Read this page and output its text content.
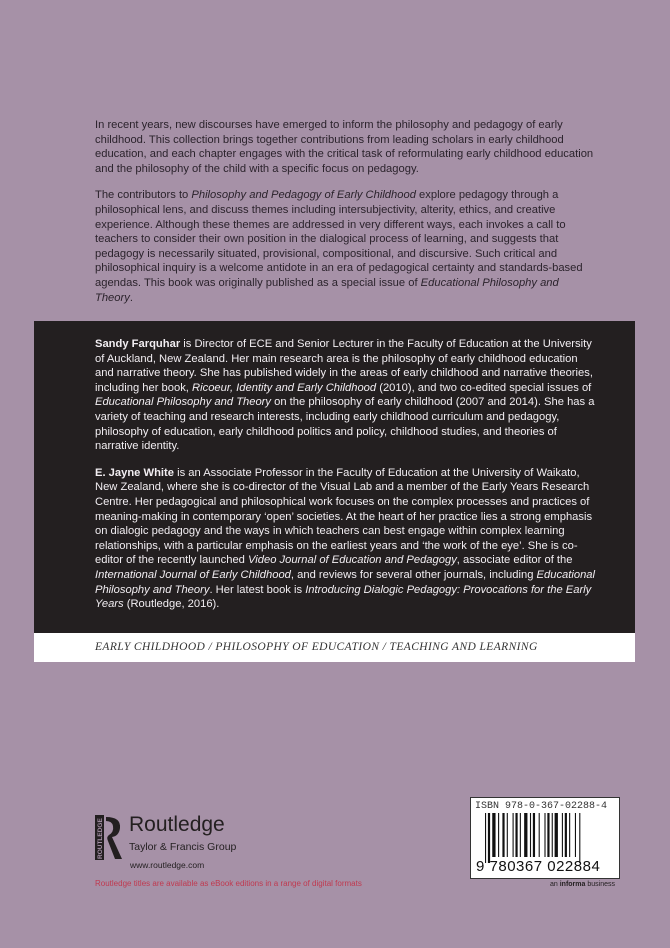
In recent years, new discourses have emerged to inform the philosophy and pedagogy of early childhood. This collection brings together contributions from leading scholars in early childhood education, and each chapter engages with the critical task of reformulating early childhood education and the philosophy of the child with a specific focus on pedagogy.

The contributors to Philosophy and Pedagogy of Early Childhood explore pedagogy through a philosophical lens, and discuss themes including intersubjectivity, alterity, ethics, and creative experience. Although these themes are addressed in very different ways, each invokes a call to teachers to consider their own position in the dialogical process of learning, and suggests that pedagogy is necessarily situated, provisional, compositional, and discursive. Such critical and philosophical inquiry is a welcome antidote in an era of pedagogical certainty and standards-based agendas. This book was originally published as a special issue of Educational Philosophy and Theory.

Sandy Farquhar is Director of ECE and Senior Lecturer in the Faculty of Education at the University of Auckland, New Zealand. Her main research area is the philosophy of early childhood education and narrative theory. She has published widely in the areas of early childhood and narrative theories, including her book, Ricoeur, Identity and Early Childhood (2010), and two co-edited special issues of Educational Philosophy and Theory on the philosophy of early childhood (2007 and 2014). She has a variety of teaching and research interests, including early childhood curriculum and pedagogy, philosophy of education, early childhood politics and policy, childhood studies, and theories of narrative identity.

E. Jayne White is an Associate Professor in the Faculty of Education at the University of Waikato, New Zealand, where she is co-director of the Visual Lab and a member of the Early Years Research Centre. Her pedagogical and philosophical work focuses on the complex processes and practices of meaning-making in contemporary ‘open’ societies. At the heart of her practice lies a strong emphasis on dialogic pedagogy and the ways in which teachers can best engage within complex learning relationships, with a particular emphasis on the earliest years and ‘the work of the eye’. She is co-editor of the recently launched Video Journal of Education and Pedagogy, associate editor of the International Journal of Early Childhood, and reviews for several other journals, including Educational Philosophy and Theory. Her latest book is Introducing Dialogic Pedagogy: Provocations for the Early Years (Routledge, 2016).

EARLY CHILDHOOD / PHILOSOPHY OF EDUCATION / TEACHING AND LEARNING
ROUTLEDGE Routledge
Taylor & Francis Group
www.routledge.com
Routledge titles are available as eBook editions in a range of digital formats
ISBN 978-0-367-02288-4
9 780367 022884
an informa business
